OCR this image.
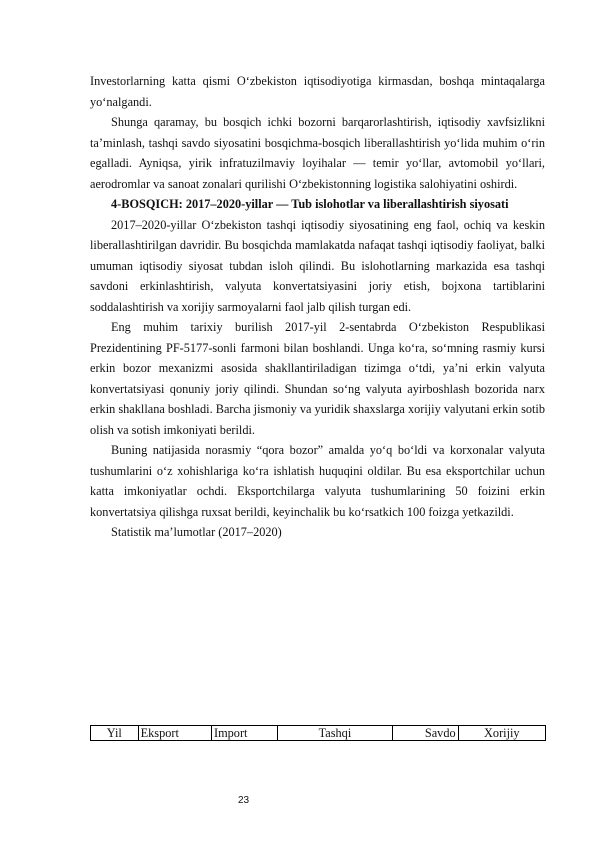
Investorlarning katta qismi O‘zbekiston iqtisodiyotiga kirmasdan, boshqa mintaqalarga yo‘nalgandi.

Shunga qaramay, bu bosqich ichki bozorni barqarorlashtirish, iqtisodiy xavfsizlikni ta’minlash, tashqi savdo siyosatini bosqichma-bosqich liberallashtirish yo‘lida muhim o‘rin egalladi. Ayniqsa, yirik infratuzilmaviy loyihalar — temir yo‘llar, avtomobil yo‘llari, aerodromlar va sanoat zonalari qurilishi O‘zbekistonning logistika salohiyatini oshirdi.

4-BOSQICH: 2017–2020-yillar — Tub islohotlar va liberallashtirish siyosati

2017–2020-yillar O‘zbekiston tashqi iqtisodiy siyosatining eng faol, ochiq va keskin liberallashtirilgan davridir. Bu bosqichda mamlakatda nafaqat tashqi iqtisodiy faoliyat, balki umuman iqtisodiy siyosat tubdan isloh qilindi. Bu islohotlarning markazida esa tashqi savdoni erkinlashtirish, valyuta konvertatsiyasini joriy etish, bojxona tartiblarini soddalashtirish va xorijiy sarmoyalarni faol jalb qilish turgan edi.

Eng muhim tarixiy burilish 2017-yil 2-sentabrda O‘zbekiston Respublikasi Prezidentining PF-5177-sonli farmoni bilan boshlandi. Unga ko‘ra, so‘mning rasmiy kursi erkin bozor mexanizmi asosida shakllantiriladigan tizimga o‘tdi, ya’ni erkin valyuta konvertatsiyasi qonuniy joriy qilindi. Shundan so‘ng valyuta ayirboshlash bozorida narx erkin shakllana boshladi. Barcha jismoniy va yuridik shaxslarga xorijiy valyutani erkin sotib olish va sotish imkoniyati berildi.

Buning natijasida norasmiy “qora bozor” amalda yo‘q bo‘ldi va korxonalar valyuta tushumlarini o‘z xohishlariga ko‘ra ishlatish huquqini oldilar. Bu esa eksportchilar uchun katta imkoniyatlar ochdi. Eksportchilarga valyuta tushumlarining 50 foizini erkin konvertatsiya qilishga ruxsat berildi, keyinchalik bu ko‘rsatkich 100 foizga yetkazildi.

Statistik ma’lumotlar (2017–2020)

Yil	Eksport	Import	Tashqi	Savdo	Xorijiy
23
